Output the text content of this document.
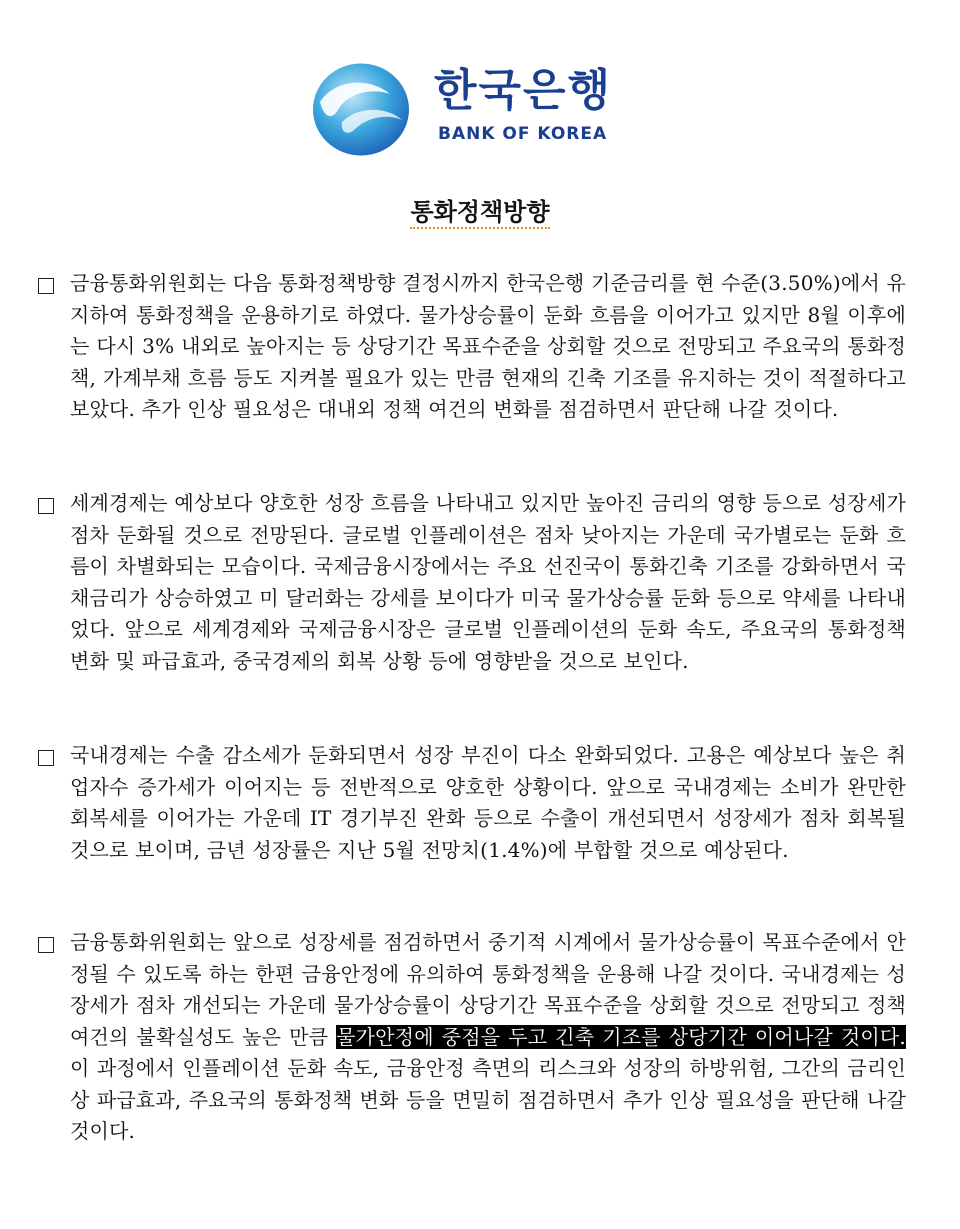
한국은행
BANK OF KOREA
통화정책방향
금융통화위원회는 다음 통화정책방향 결정시까지 한국은행 기준금리를 현 수준(3.50%)에서 유지하여 통화정책을 운용하기로 하였다. 물가상승률이 둔화 흐름을 이어가고 있지만 8월 이후에는 다시 3% 내외로 높아지는 등 상당기간 목표수준을 상회할 것으로 전망되고 주요국의 통화정책, 가계부채 흐름 등도 지켜볼 필요가 있는 만큼 현재의 긴축 기조를 유지하는 것이 적절하다고 보았다. 추가 인상 필요성은 대내외 정책 여건의 변화를 점검하면서 판단해 나갈 것이다.
세계경제는 예상보다 양호한 성장 흐름을 나타내고 있지만 높아진 금리의 영향 등으로 성장세가 점차 둔화될 것으로 전망된다. 글로벌 인플레이션은 점차 낮아지는 가운데 국가별로는 둔화 흐름이 차별화되는 모습이다. 국제금융시장에서는 주요 선진국이 통화긴축 기조를 강화하면서 국채금리가 상승하였고 미 달러화는 강세를 보이다가 미국 물가상승률 둔화 등으로 약세를 나타내었다. 앞으로 세계경제와 국제금융시장은 글로벌 인플레이션의 둔화 속도, 주요국의 통화정책 변화 및 파급효과, 중국경제의 회복 상황 등에 영향받을 것으로 보인다.
국내경제는 수출 감소세가 둔화되면서 성장 부진이 다소 완화되었다. 고용은 예상보다 높은 취업자수 증가세가 이어지는 등 전반적으로 양호한 상황이다. 앞으로 국내경제는 소비가 완만한 회복세를 이어가는 가운데 IT 경기부진 완화 등으로 수출이 개선되면서 성장세가 점차 회복될 것으로 보이며, 금년 성장률은 지난 5월 전망치(1.4%)에 부합할 것으로 예상된다.
금융통화위원회는 앞으로 성장세를 점검하면서 중기적 시계에서 물가상승률이 목표수준에서 안정될 수 있도록 하는 한편 금융안정에 유의하여 통화정책을 운용해 나갈 것이다. 국내경제는 성장세가 점차 개선되는 가운데 물가상승률이 상당기간 목표수준을 상회할 것으로 전망되고 정책 여건의 불확실성도 높은 만큼 물가안정에 중점을 두고 긴축 기조를 상당기간 이어나갈 것이다. 이 과정에서 인플레이션 둔화 속도, 금융안정 측면의 리스크와 성장의 하방위험, 그간의 금리인상 파급효과, 주요국의 통화정책 변화 등을 면밀히 점검하면서 추가 인상 필요성을 판단해 나갈 것이다.
